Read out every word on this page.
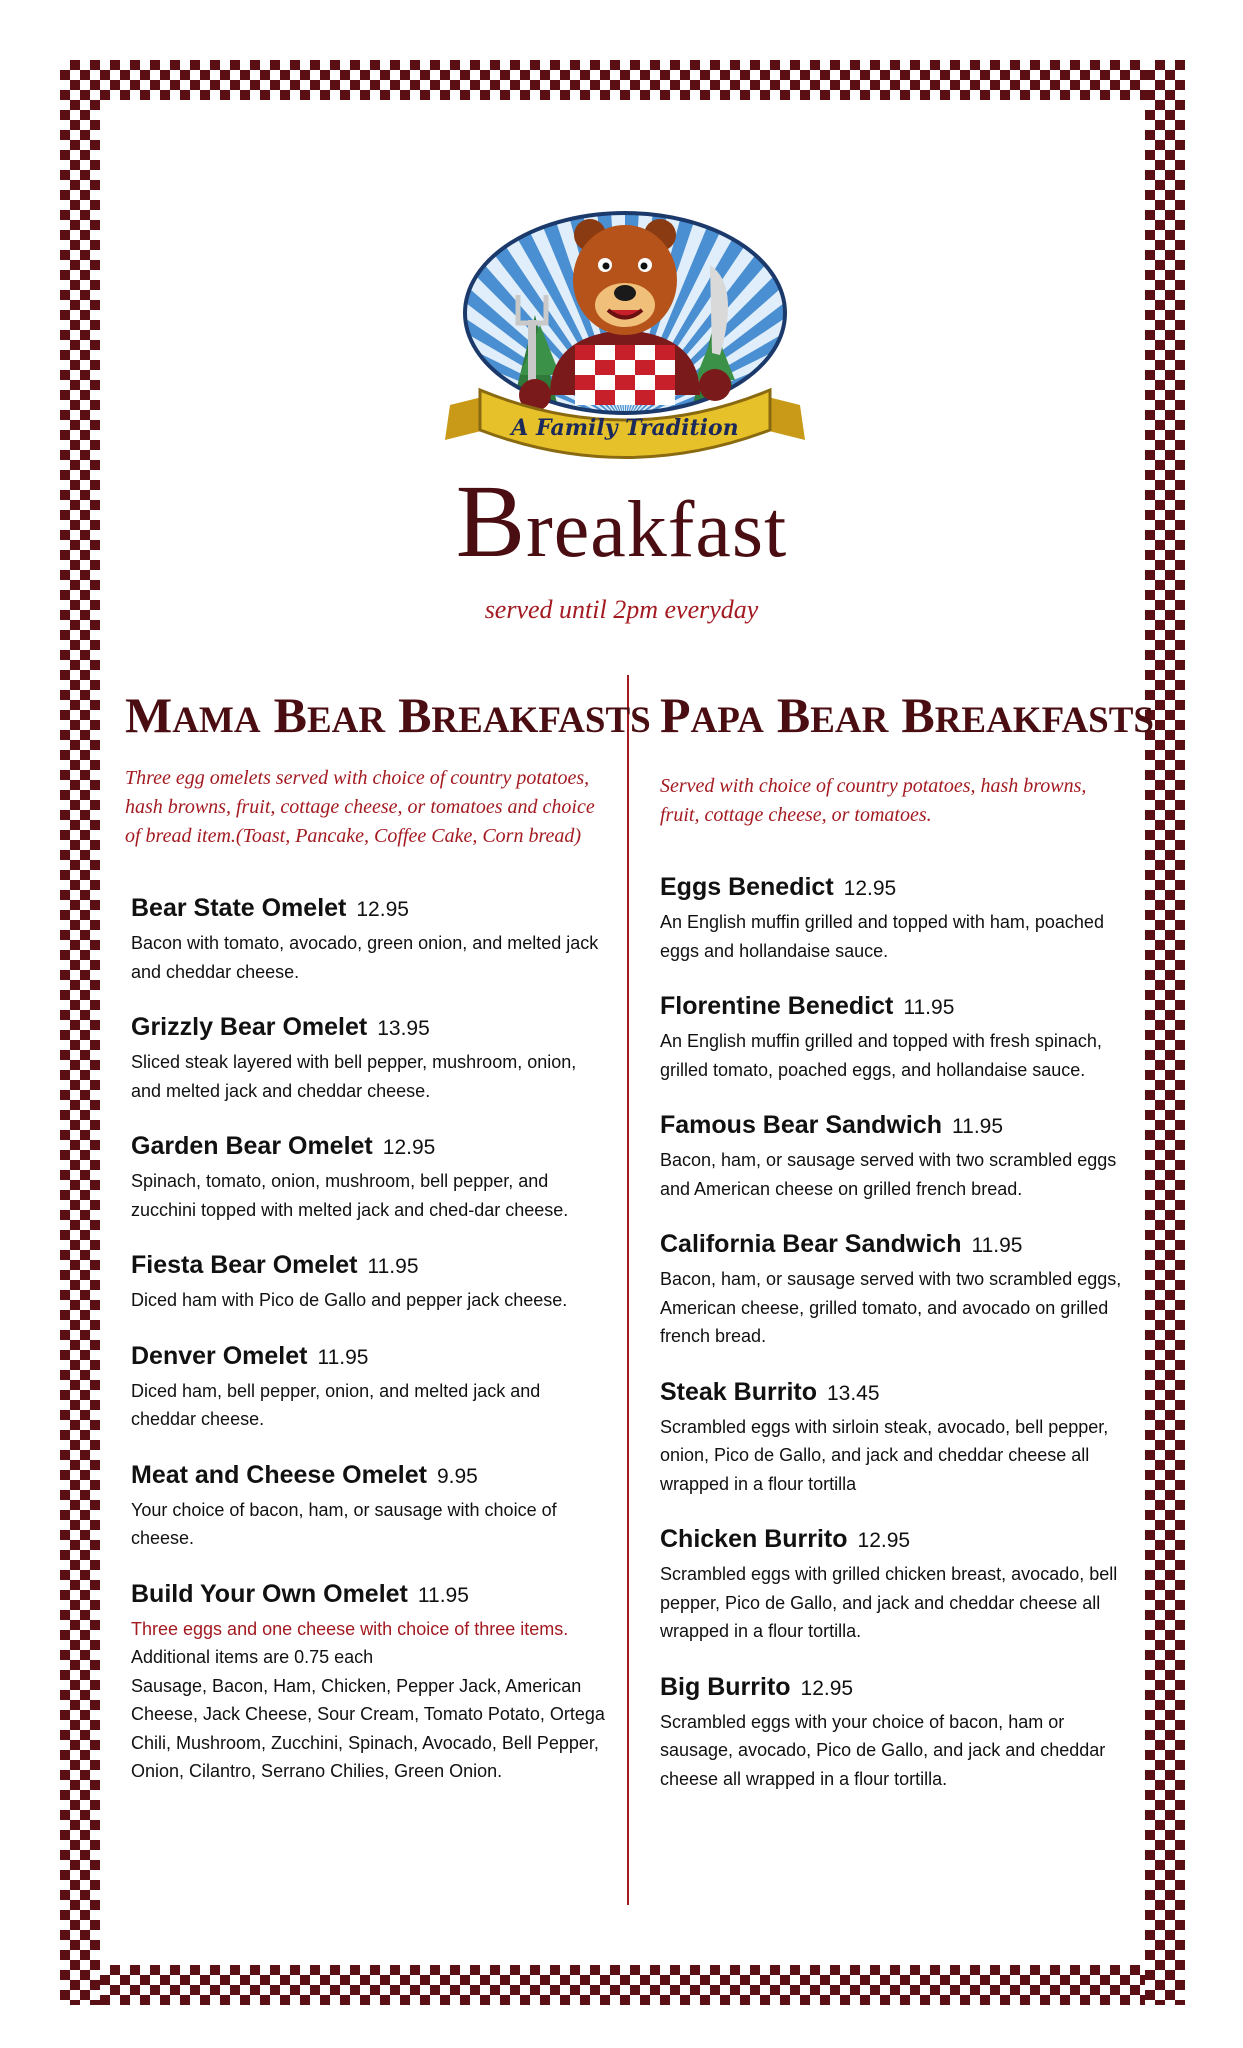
A Family Tradition
Breakfast
served until 2pm everyday
MAMA BEAR BREAKFASTS
Three egg omelets served with choice of country potatoes, hash browns, fruit, cottage cheese, or tomatoes and choice of bread item.(Toast, Pancake, Coffee Cake, Corn bread)
Bear State Omelet 12.95
Bacon with tomato, avocado, green onion, and melted jack and cheddar cheese.
Grizzly Bear Omelet 13.95
Sliced steak layered with bell pepper, mushroom, onion, and melted jack and cheddar cheese.
Garden Bear Omelet 12.95
Spinach, tomato, onion, mushroom, bell pepper, and zucchini topped with melted jack and ched-dar cheese.
Fiesta Bear Omelet 11.95
Diced ham with Pico de Gallo and pepper jack cheese.
Denver Omelet 11.95
Diced ham, bell pepper, onion, and melted jack and cheddar cheese.
Meat and Cheese Omelet 9.95
Your choice of bacon, ham, or sausage with choice of cheese.
Build Your Own Omelet 11.95
Three eggs and one cheese with choice of three items.
Additional items are 0.75 each
Sausage, Bacon, Ham, Chicken, Pepper Jack, American Cheese, Jack Cheese, Sour Cream, Tomato Potato, Ortega Chili, Mushroom, Zucchini, Spinach, Avocado, Bell Pepper, Onion, Cilantro, Serrano Chilies, Green Onion.
PAPA BEAR BREAKFASTS
Served with choice of country potatoes, hash browns, fruit, cottage cheese, or tomatoes.
Eggs Benedict 12.95
An English muffin grilled and topped with ham, poached eggs and hollandaise sauce.
Florentine Benedict 11.95
An English muffin grilled and topped with fresh spinach, grilled tomato, poached eggs, and hollandaise sauce.
Famous Bear Sandwich 11.95
Bacon, ham, or sausage served with two scrambled eggs and American cheese on grilled french bread.
California Bear Sandwich 11.95
Bacon, ham, or sausage served with two scrambled eggs, American cheese, grilled tomato, and avocado on grilled french bread.
Steak Burrito 13.45
Scrambled eggs with sirloin steak, avocado, bell pepper, onion, Pico de Gallo, and jack and cheddar cheese all wrapped in a flour tortilla
Chicken Burrito 12.95
Scrambled eggs with grilled chicken breast, avocado, bell pepper, Pico de Gallo, and jack and cheddar cheese all wrapped in a flour tortilla.
Big Burrito 12.95
Scrambled eggs with your choice of bacon, ham or sausage, avocado, Pico de Gallo, and jack and cheddar cheese all wrapped in a flour tortilla.
